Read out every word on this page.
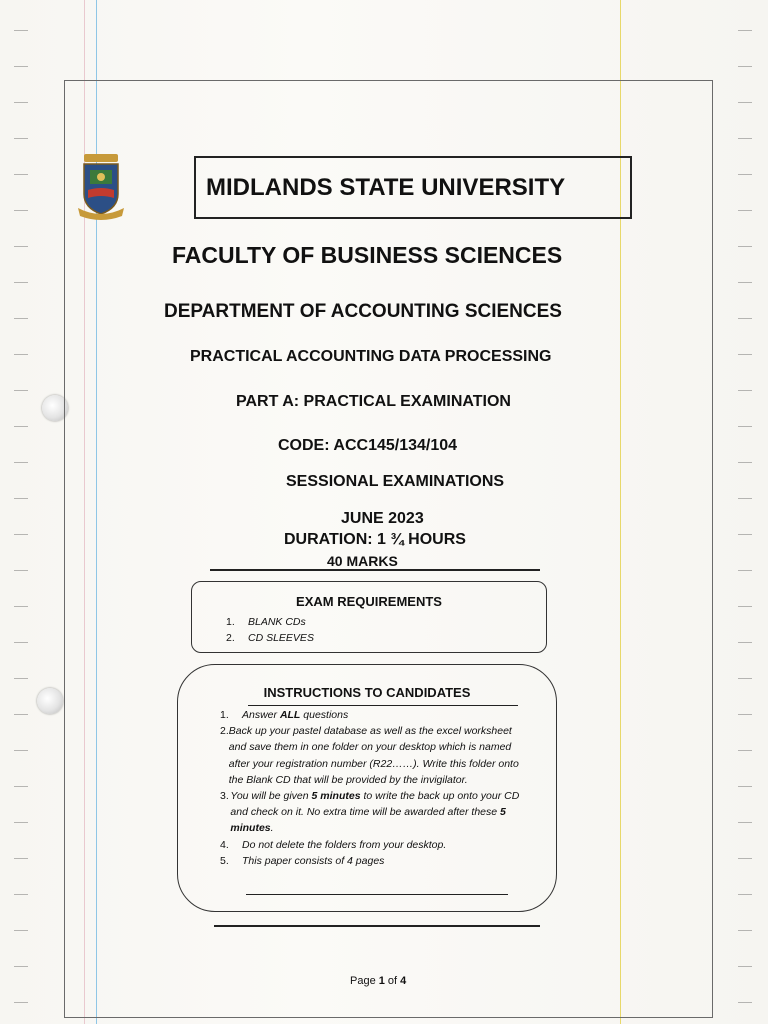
MIDLANDS STATE UNIVERSITY
FACULTY OF BUSINESS SCIENCES
DEPARTMENT OF ACCOUNTING SCIENCES
PRACTICAL ACCOUNTING DATA PROCESSING
PART A: PRACTICAL EXAMINATION
CODE: ACC145/134/104
SESSIONAL EXAMINATIONS
JUNE 2023
DURATION: 1 ¾ HOURS
40 MARKS
EXAM REQUIREMENTS
1.	BLANK CDs
2.	CD SLEEVES
INSTRUCTIONS TO CANDIDATES
1.	Answer ALL questions
2. Back up your pastel database as well as the excel worksheet and save them in one folder on your desktop which is named after your registration number (R22……). Write this folder onto the Blank CD that will be provided by the invigilator.
3. You will be given 5 minutes to write the back up onto your CD and check on it. No extra time will be awarded after these 5 minutes.
4.	Do not delete the folders from your desktop.
5.	This paper consists of 4 pages
Page 1 of 4
